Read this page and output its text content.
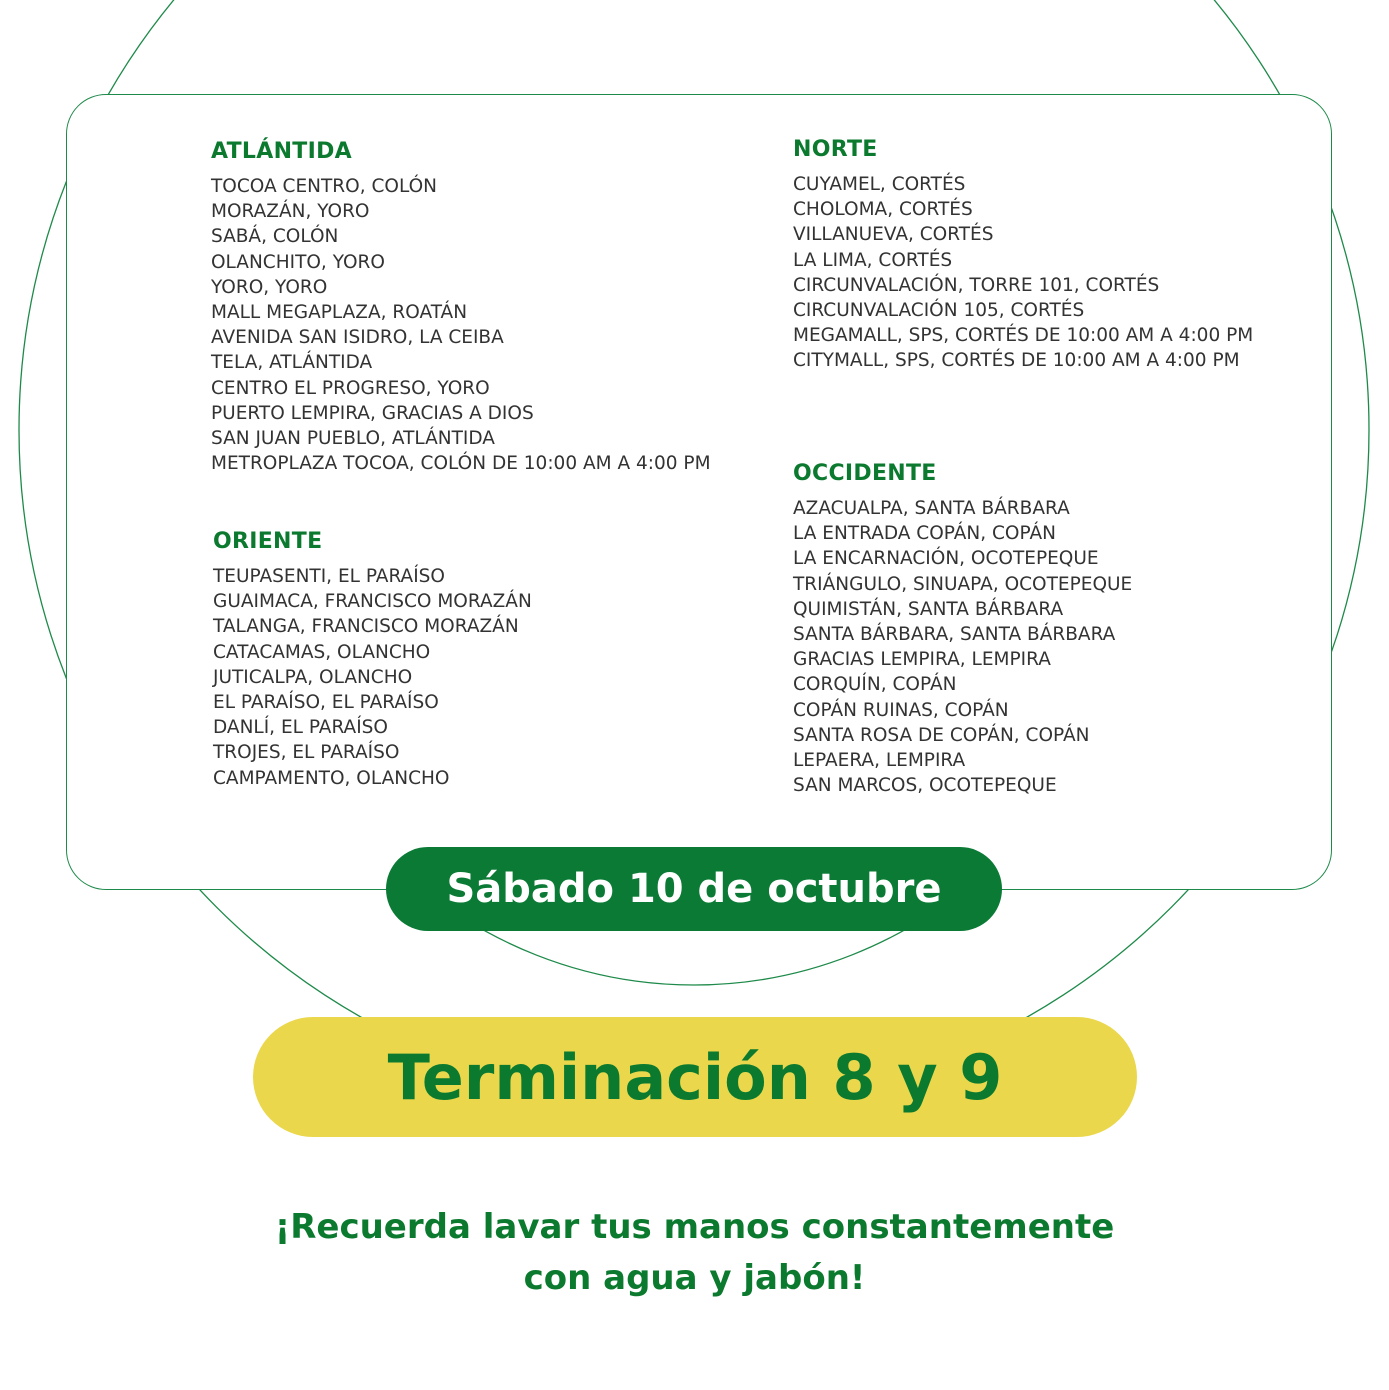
ATLÁNTIDA
TOCOA CENTRO, COLÓN
MORAZÁN, YORO
SABÁ, COLÓN
OLANCHITO, YORO
YORO, YORO
MALL MEGAPLAZA, ROATÁN
AVENIDA SAN ISIDRO, LA CEIBA
TELA, ATLÁNTIDA
CENTRO EL PROGRESO, YORO
PUERTO LEMPIRA, GRACIAS A DIOS
SAN JUAN PUEBLO, ATLÁNTIDA
METROPLAZA TOCOA, COLÓN DE 10:00 AM A 4:00 PM
ORIENTE
TEUPASENTI, EL PARAÍSO
GUAIMACA, FRANCISCO MORAZÁN
TALANGA, FRANCISCO MORAZÁN
CATACAMAS, OLANCHO
JUTICALPA, OLANCHO
EL PARAÍSO, EL PARAÍSO
DANLÍ, EL PARAÍSO
TROJES, EL PARAÍSO
CAMPAMENTO, OLANCHO
NORTE
CUYAMEL, CORTÉS
CHOLOMA, CORTÉS
VILLANUEVA, CORTÉS
LA LIMA, CORTÉS
CIRCUNVALACIÓN, TORRE 101, CORTÉS
CIRCUNVALACIÓN 105, CORTÉS
MEGAMALL, SPS, CORTÉS DE 10:00 AM A 4:00 PM
CITYMALL, SPS, CORTÉS DE 10:00 AM A 4:00 PM
OCCIDENTE
AZACUALPA, SANTA BÁRBARA
LA ENTRADA COPÁN, COPÁN
LA ENCARNACIÓN, OCOTEPEQUE
TRIÁNGULO, SINUAPA, OCOTEPEQUE
QUIMISTÁN, SANTA BÁRBARA
SANTA BÁRBARA, SANTA BÁRBARA
GRACIAS LEMPIRA, LEMPIRA
CORQUÍN, COPÁN
COPÁN RUINAS, COPÁN
SANTA ROSA DE COPÁN, COPÁN
LEPAERA, LEMPIRA
SAN MARCOS, OCOTEPEQUE
Sábado 10 de octubre
Terminación 8 y 9
¡Recuerda lavar tus manos constantemente
con agua y jabón!
